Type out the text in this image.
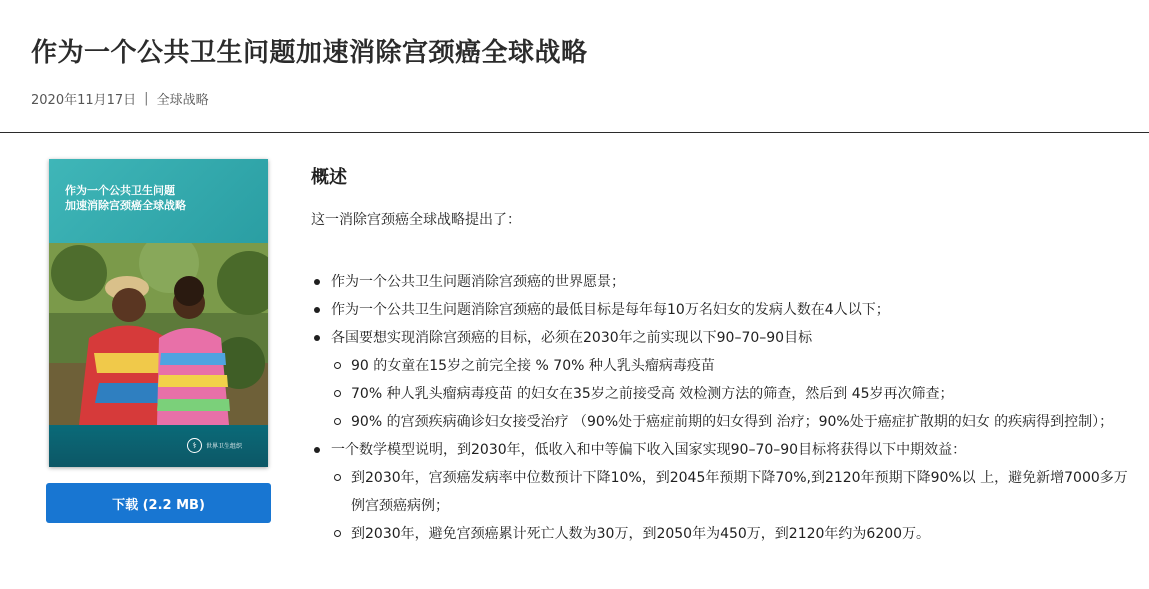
作为一个公共卫生问题加速消除宫颈癌全球战略
2020年11月17日 | 全球战略
作为一个公共卫生问题
加速消除宫颈癌全球战略
⚕	世界卫生组织
下载 (2.2 MB)
概述
这一消除宫颈癌全球战略提出了：
作为一个公共卫生问题消除宫颈癌的世界愿景；
作为一个公共卫生问题消除宫颈癌的最低目标是每年每10万名妇女的发病人数在4人以下；
各国要想实现消除宫颈癌的目标，必须在2030年之前实现以下90–70–90目标
90 的女童在15岁之前完全接 % 70% 种人乳头瘤病毒疫苗
70% 种人乳头瘤病毒疫苗 的妇女在35岁之前接受高 效检测方法的筛查，然后到 45岁再次筛查；
90% 的宫颈疾病确诊妇女接受治疗 （90%处于癌症前期的妇女得到 治疗；90%处于癌症扩散期的妇女 的疾病得到控制）；
一个数学模型说明，到2030年，低收入和中等偏下收入国家实现90–70–90目标将获得以下中期效益：
到2030年，宫颈癌发病率中位数预计下降10%，到2045年预期下降70%,到2120年预期下降90%以 上，避免新增7000多万例宫颈癌病例；
到2030年，避免宫颈癌累计死亡人数为30万，到2050年为450万，到2120年约为6200万。
